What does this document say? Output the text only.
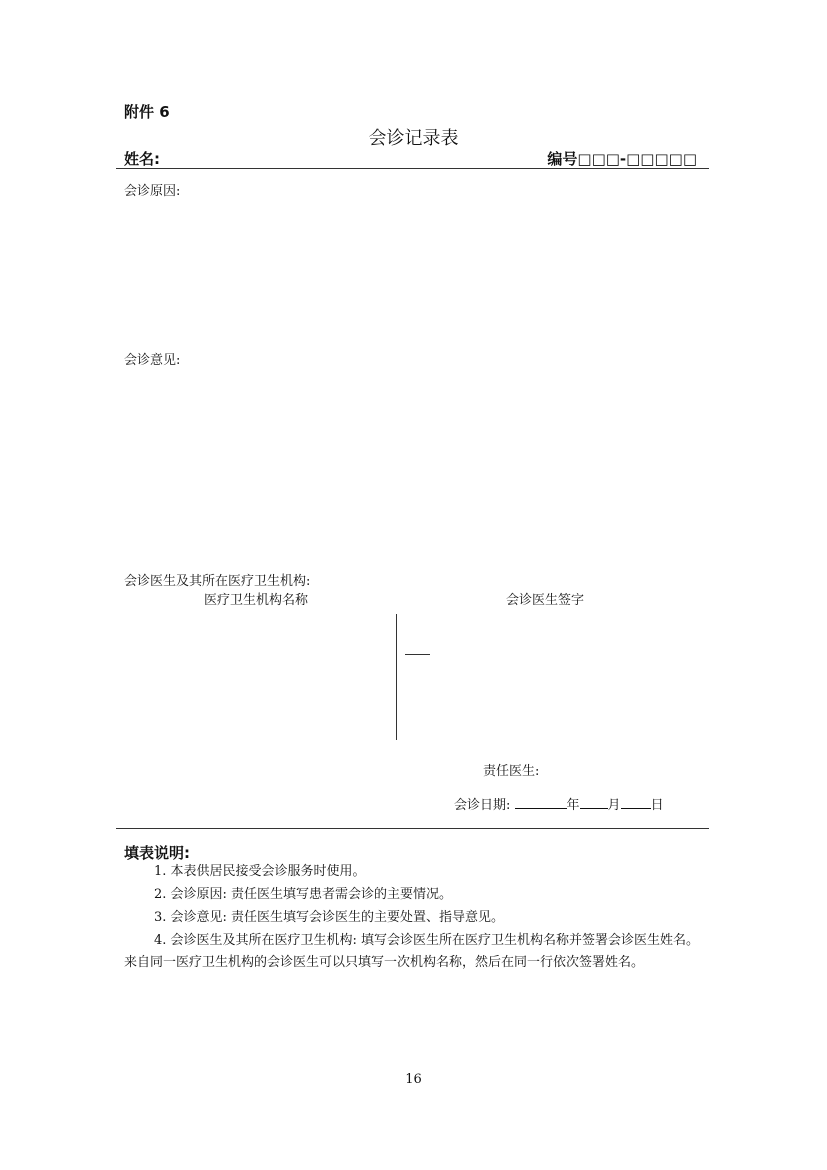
附件 6
会诊记录表
姓名:	编号□□□-□□□□□
会诊原因:
会诊意见:
会诊医生及其所在医疗卫生机构:
医疗卫生机构名称	会诊医生签字
责任医生:
会诊日期:	年 月 日
填表说明:
1. 本表供居民接受会诊服务时使用。
2. 会诊原因: 责任医生填写患者需会诊的主要情况。
3. 会诊意见: 责任医生填写会诊医生的主要处置、指导意见。
4. 会诊医生及其所在医疗卫生机构: 填写会诊医生所在医疗卫生机构名称并签署会诊医生姓名。来自同一医疗卫生机构的会诊医生可以只填写一次机构名称，然后在同一行依次签署姓名。
16
